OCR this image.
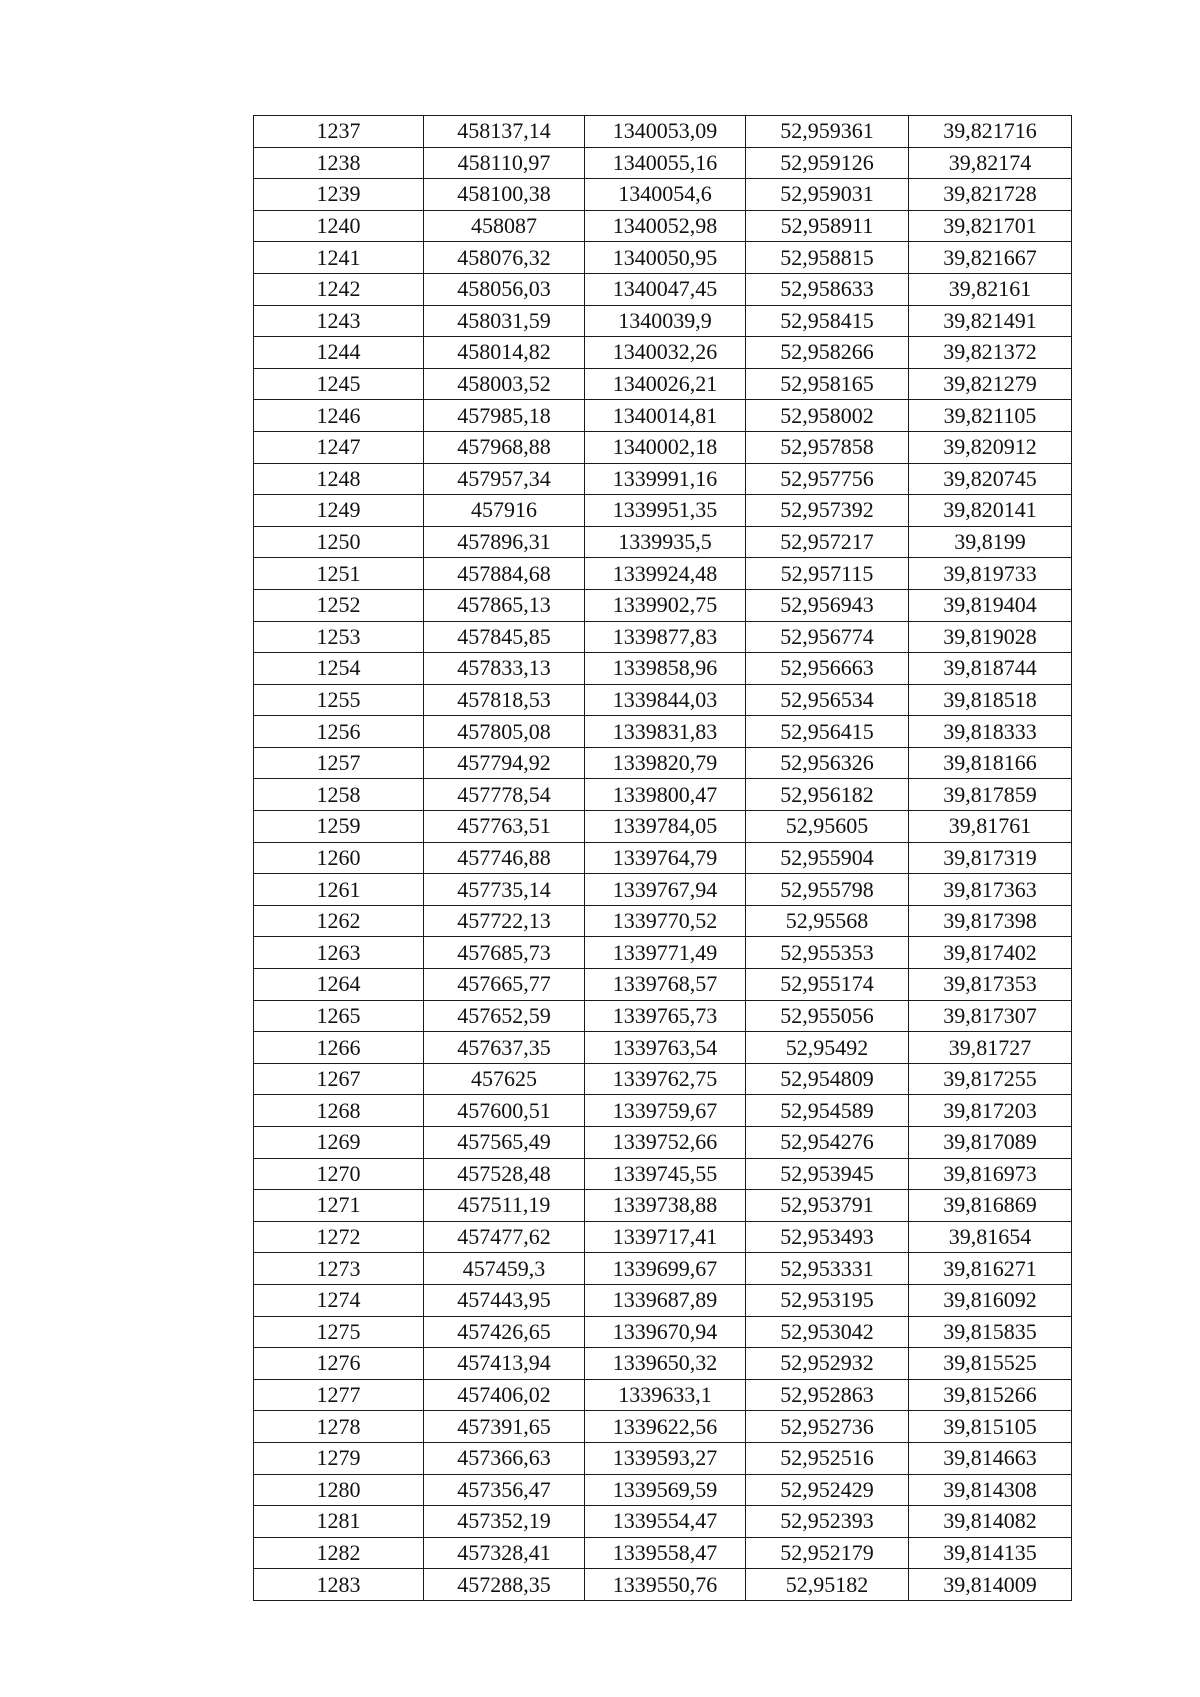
1237	458137,14	1340053,09	52,959361	39,821716
1238	458110,97	1340055,16	52,959126	39,82174
1239	458100,38	1340054,6	52,959031	39,821728
1240	458087	1340052,98	52,958911	39,821701
1241	458076,32	1340050,95	52,958815	39,821667
1242	458056,03	1340047,45	52,958633	39,82161
1243	458031,59	1340039,9	52,958415	39,821491
1244	458014,82	1340032,26	52,958266	39,821372
1245	458003,52	1340026,21	52,958165	39,821279
1246	457985,18	1340014,81	52,958002	39,821105
1247	457968,88	1340002,18	52,957858	39,820912
1248	457957,34	1339991,16	52,957756	39,820745
1249	457916	1339951,35	52,957392	39,820141
1250	457896,31	1339935,5	52,957217	39,8199
1251	457884,68	1339924,48	52,957115	39,819733
1252	457865,13	1339902,75	52,956943	39,819404
1253	457845,85	1339877,83	52,956774	39,819028
1254	457833,13	1339858,96	52,956663	39,818744
1255	457818,53	1339844,03	52,956534	39,818518
1256	457805,08	1339831,83	52,956415	39,818333
1257	457794,92	1339820,79	52,956326	39,818166
1258	457778,54	1339800,47	52,956182	39,817859
1259	457763,51	1339784,05	52,95605	39,81761
1260	457746,88	1339764,79	52,955904	39,817319
1261	457735,14	1339767,94	52,955798	39,817363
1262	457722,13	1339770,52	52,95568	39,817398
1263	457685,73	1339771,49	52,955353	39,817402
1264	457665,77	1339768,57	52,955174	39,817353
1265	457652,59	1339765,73	52,955056	39,817307
1266	457637,35	1339763,54	52,95492	39,81727
1267	457625	1339762,75	52,954809	39,817255
1268	457600,51	1339759,67	52,954589	39,817203
1269	457565,49	1339752,66	52,954276	39,817089
1270	457528,48	1339745,55	52,953945	39,816973
1271	457511,19	1339738,88	52,953791	39,816869
1272	457477,62	1339717,41	52,953493	39,81654
1273	457459,3	1339699,67	52,953331	39,816271
1274	457443,95	1339687,89	52,953195	39,816092
1275	457426,65	1339670,94	52,953042	39,815835
1276	457413,94	1339650,32	52,952932	39,815525
1277	457406,02	1339633,1	52,952863	39,815266
1278	457391,65	1339622,56	52,952736	39,815105
1279	457366,63	1339593,27	52,952516	39,814663
1280	457356,47	1339569,59	52,952429	39,814308
1281	457352,19	1339554,47	52,952393	39,814082
1282	457328,41	1339558,47	52,952179	39,814135
1283	457288,35	1339550,76	52,95182	39,814009
